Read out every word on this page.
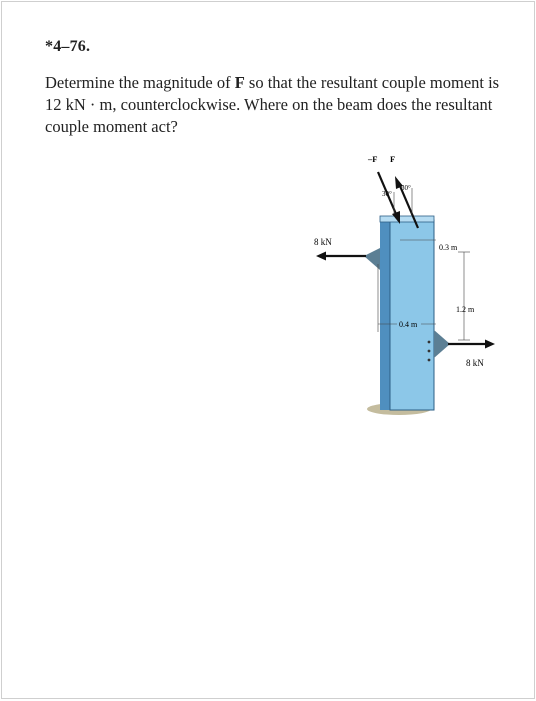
*4–76.
Determine the magnitude of F so that the resultant couple moment is 12 kN · m, counterclockwise. Where on the beam does the resultant couple moment act?
8 kN
8 kN
–F F
30°
30°
0.3 m
1.2 m
0.4 m
